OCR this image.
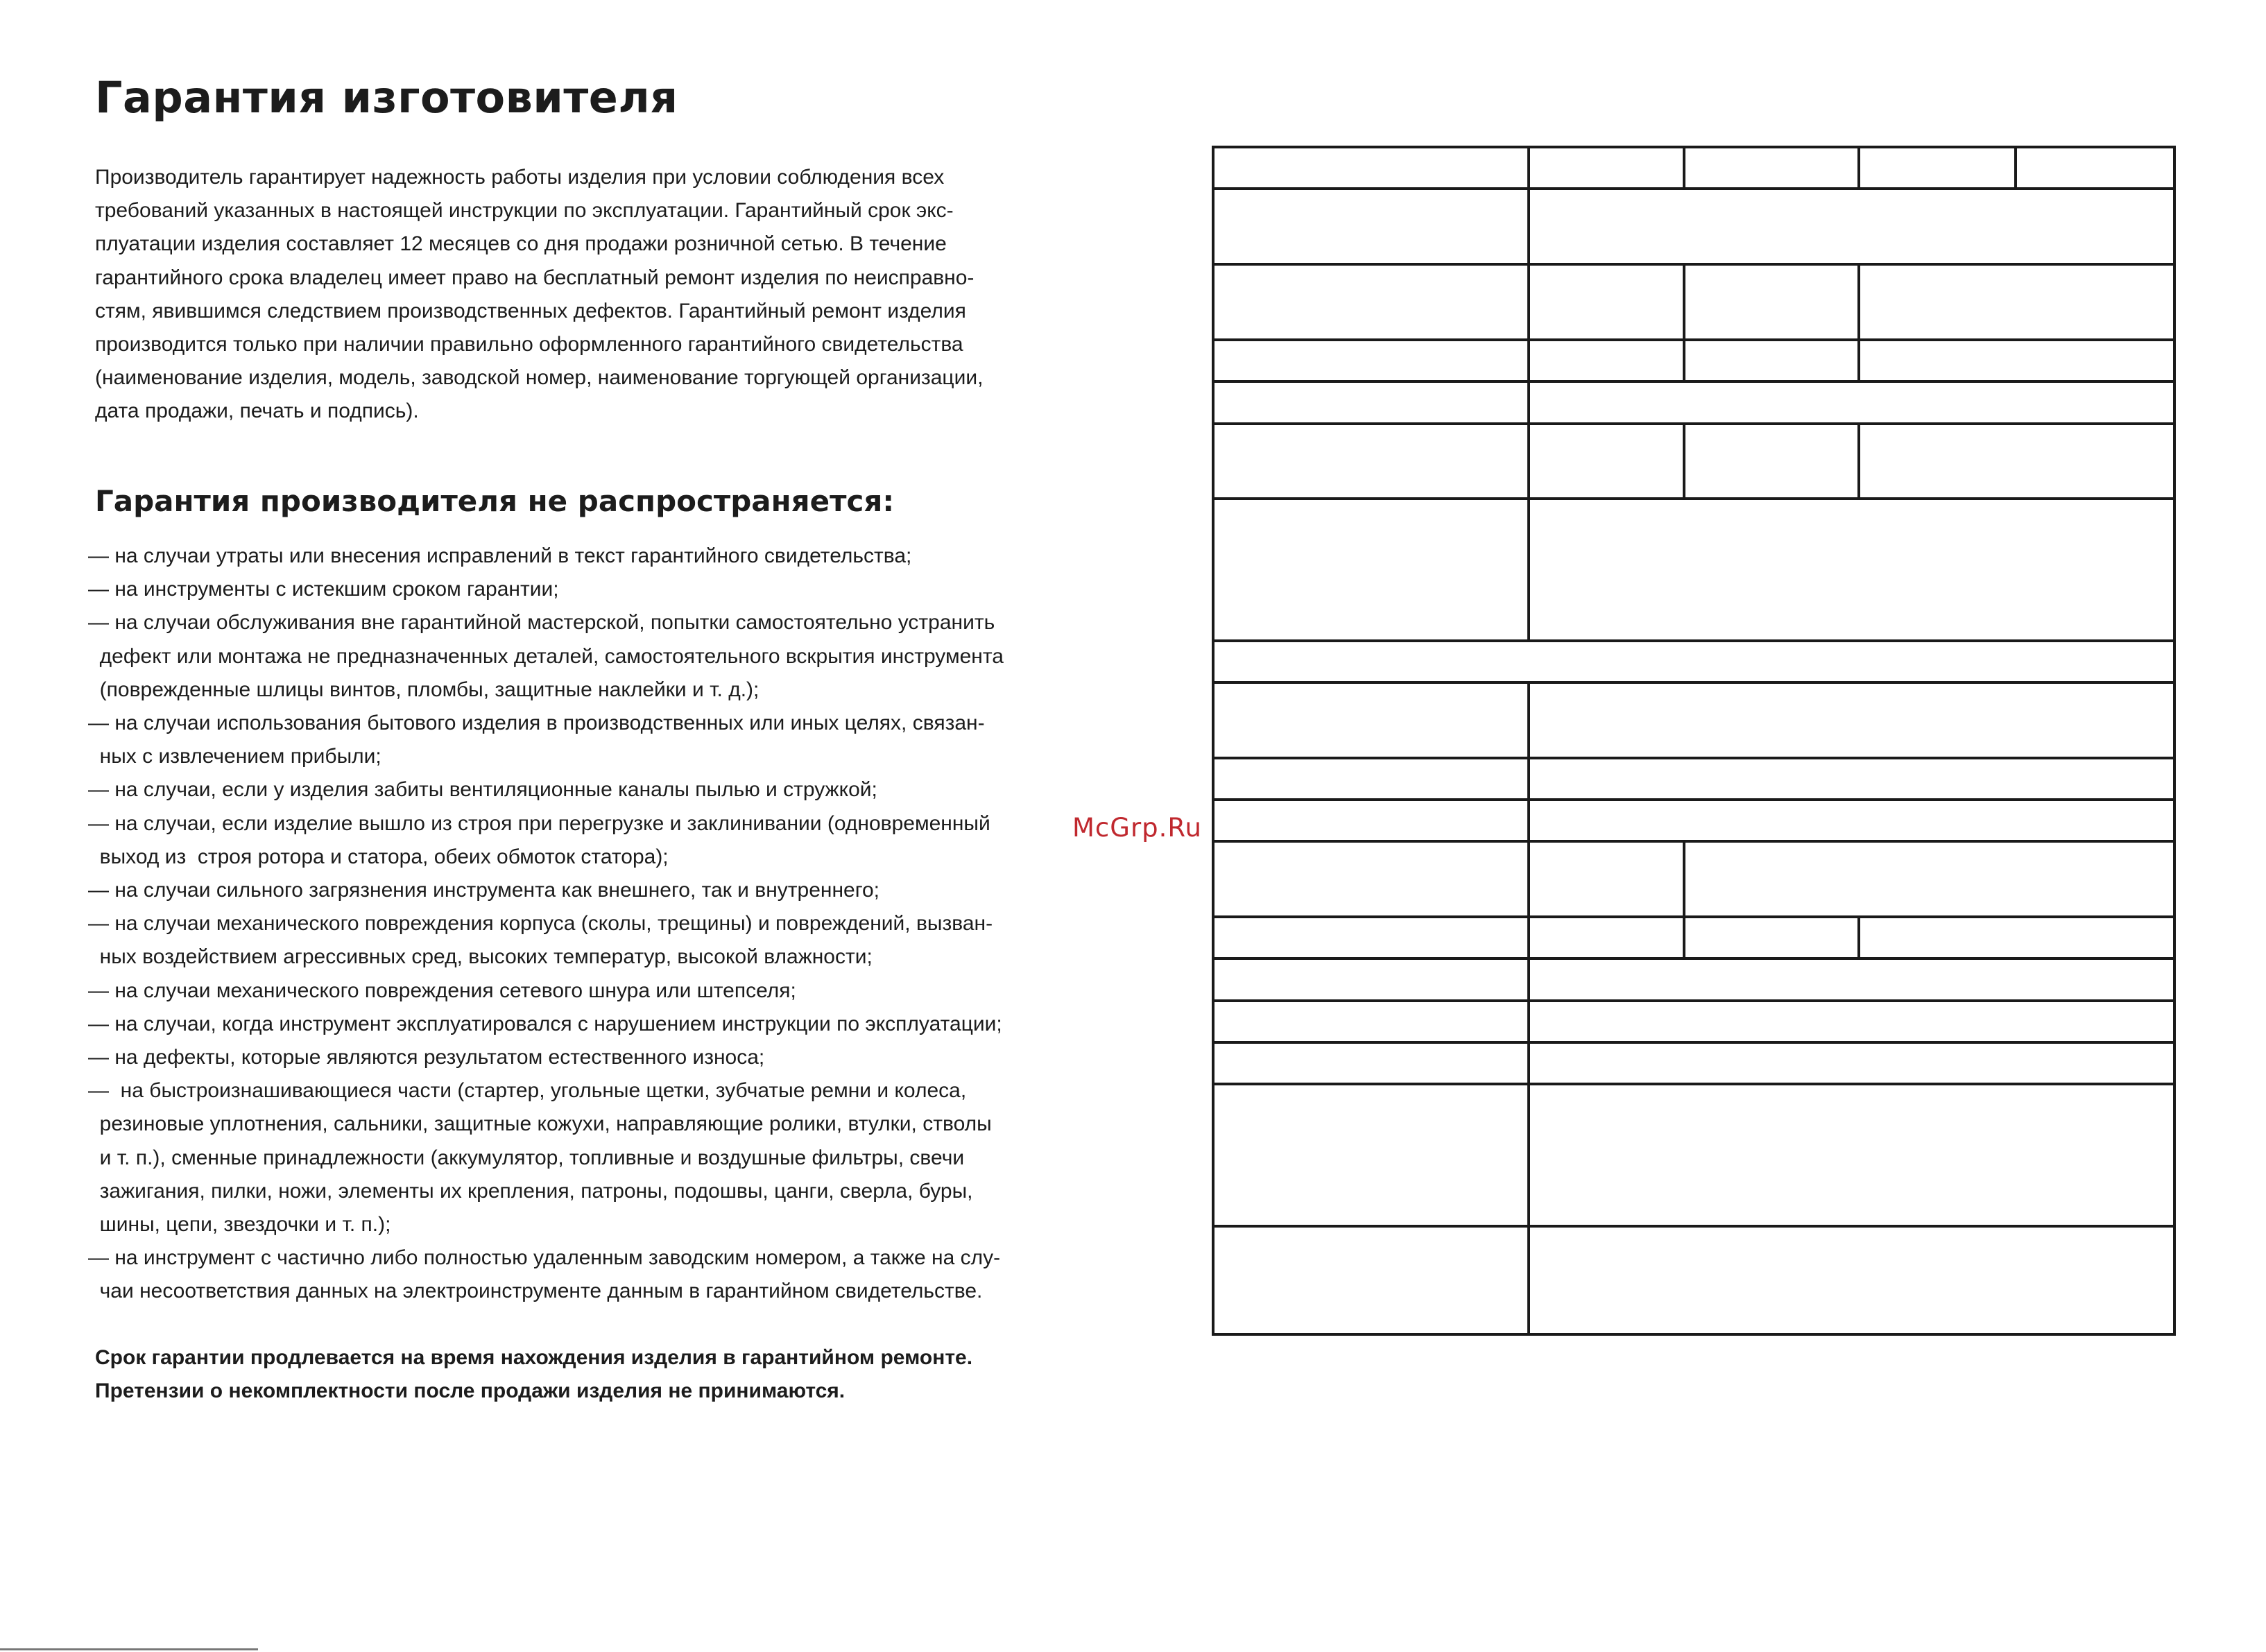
Гарантия изготовителя
Производитель гарантирует надежность работы изделия при условии соблюдения всех
требований указанных в настоящей инструкции по эксплуатации. Гарантийный срок экс-
плуатации изделия составляет 12 месяцев со дня продажи розничной сетью. В течение
гарантийного срока владелец имеет право на бесплатный ремонт изделия по неисправно-
стям, явившимся следствием производственных дефектов. Гарантийный ремонт изделия
производится только при наличии правильно оформленного гарантийного свидетельства
(наименование изделия, модель, заводской номер, наименование торгующей организации,
дата продажи, печать и подпись).
Гарантия производителя не распространяется:
— на случаи утраты или внесения исправлений в текст гарантийного свидетельства;
— на инструменты с истекшим сроком гарантии;
— на случаи обслуживания вне гарантийной мастерской, попытки самостоятельно устранить
дефект или монтажа не предназначенных деталей, самостоятельного вскрытия инструмента
(поврежденные шлицы винтов, пломбы, защитные наклейки и т. д.);
— на случаи использования бытового изделия в производственных или иных целях, связан-
ных с извлечением прибыли;
— на случаи, если у изделия забиты вентиляционные каналы пылью и стружкой;
— на случаи, если изделие вышло из строя при перегрузке и заклинивании (одновременный
выход из  строя ротора и статора, обеих обмоток статора);
— на случаи сильного загрязнения инструмента как внешнего, так и внутреннего;
— на случаи механического повреждения корпуса (сколы, трещины) и повреждений, вызван-
ных воздействием агрессивных сред, высоких температур, высокой влажности;
— на случаи механического повреждения сетевого шнура или штепселя;
— на случаи, когда инструмент эксплуатировался с нарушением инструкции по эксплуатации;
— на дефекты, которые являются результатом естественного износа;
—  на быстроизнашивающиеся части (стартер, угольные щетки, зубчатые ремни и колеса,
резиновые уплотнения, сальники, защитные кожухи, направляющие ролики, втулки, стволы
и т. п.), сменные принадлежности (аккумулятор, топливные и воздушные фильтры, свечи
зажигания, пилки, ножи, элементы их крепления, патроны, подошвы, цанги, сверла, буры,
шины, цепи, звездочки и т. п.);
— на инструмент с частично либо полностью удаленным заводским номером, а также на слу-
чаи несоответствия данных на электроинструменте данным в гарантийном свидетельстве.
Срок гарантии продлевается на время нахождения изделия в гарантийном ремонте.
Претензии о некомплектности после продажи изделия не принимаются.
McGrp.Ru
